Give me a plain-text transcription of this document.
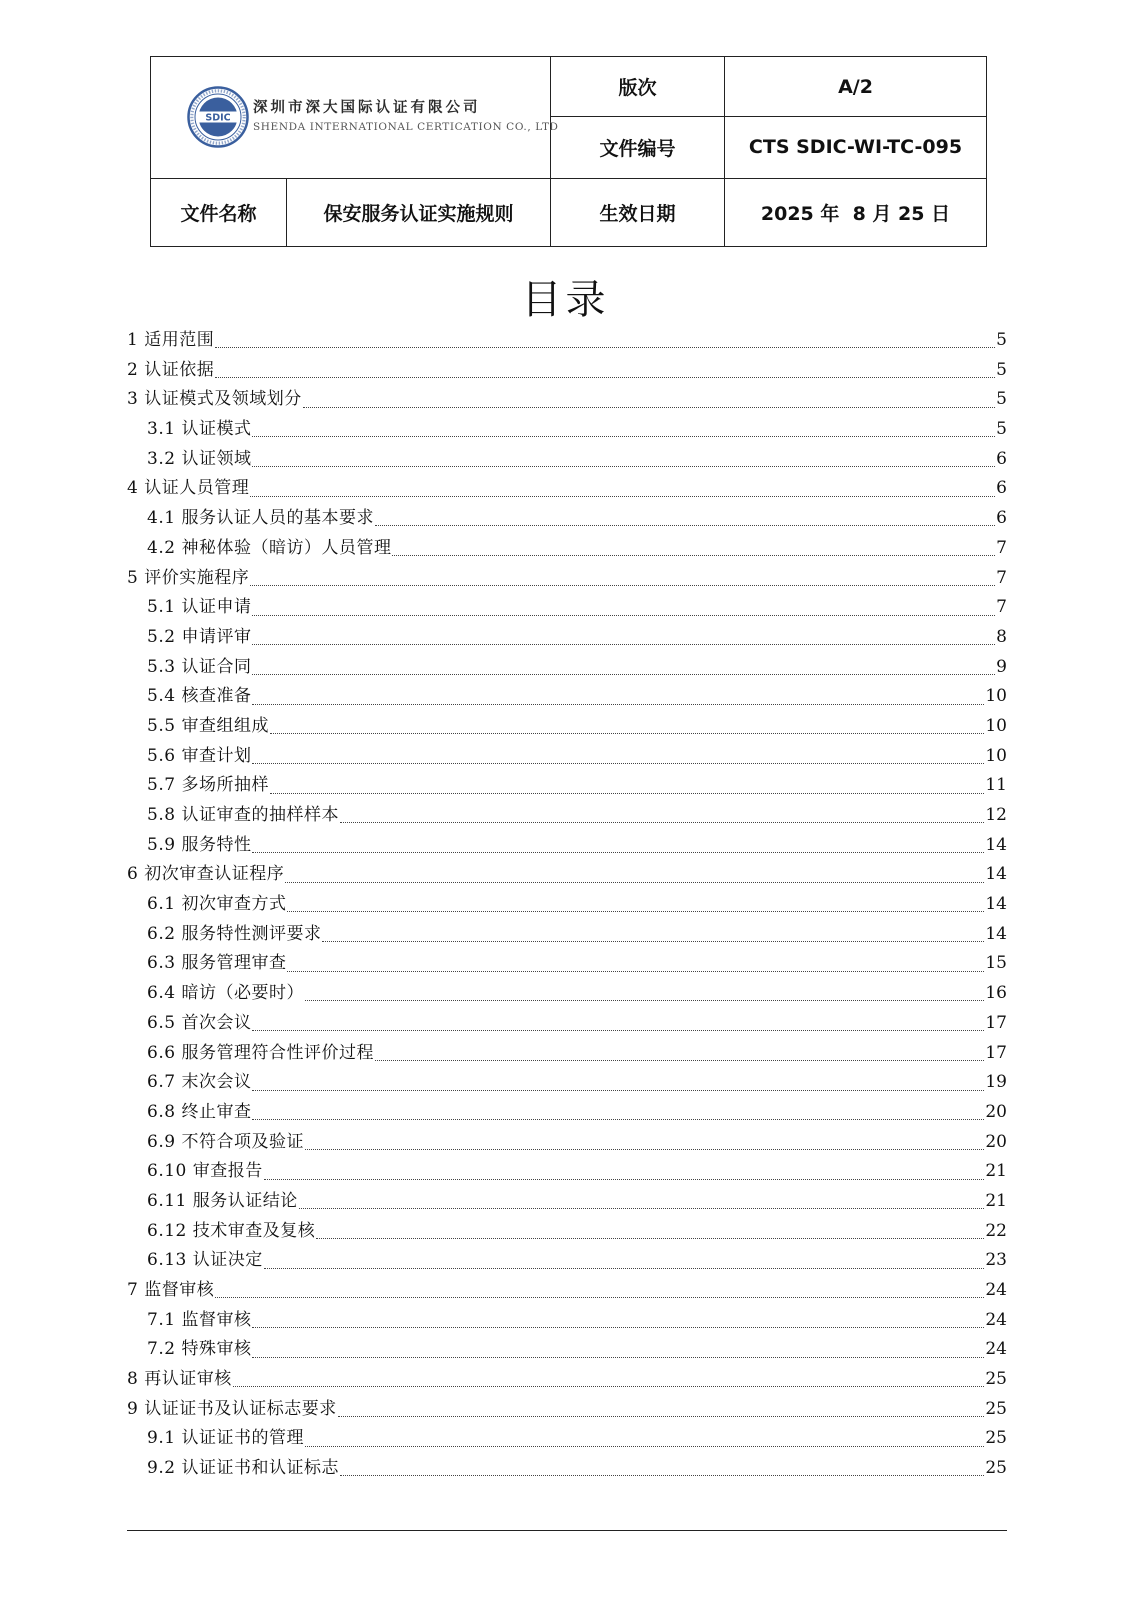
SDIC
深圳市深大国际认证有限公司
SHENDA INTERNATIONAL CERTICATION CO., LTD		版次	A/2
		文件编号	CTS SDIC-WI-TC-095
文件名称	保安服务认证实施规则	生效日期	2025 年  8 月 25 日
目录
1 适用范围	5
2 认证依据	5
3 认证模式及领域划分	5
3.1 认证模式	5
3.2 认证领域	6
4 认证人员管理	6
4.1 服务认证人员的基本要求	6
4.2 神秘体验（暗访）人员管理	7
5 评价实施程序	7
5.1 认证申请	7
5.2 申请评审	8
5.3 认证合同	9
5.4 核查准备	10
5.5 审查组组成	10
5.6 审查计划	10
5.7 多场所抽样	11
5.8 认证审查的抽样样本	12
5.9 服务特性	14
6 初次审查认证程序	14
6.1 初次审查方式	14
6.2 服务特性测评要求	14
6.3 服务管理审查	15
6.4 暗访（必要时）	16
6.5 首次会议	17
6.6 服务管理符合性评价过程	17
6.7 末次会议	19
6.8 终止审查	20
6.9 不符合项及验证	20
6.10 审查报告	21
6.11 服务认证结论	21
6.12 技术审查及复核	22
6.13 认证决定	23
7 监督审核	24
7.1 监督审核	24
7.2 特殊审核	24
8 再认证审核	25
9 认证证书及认证标志要求	25
9.1 认证证书的管理	25
9.2 认证证书和认证标志	25
